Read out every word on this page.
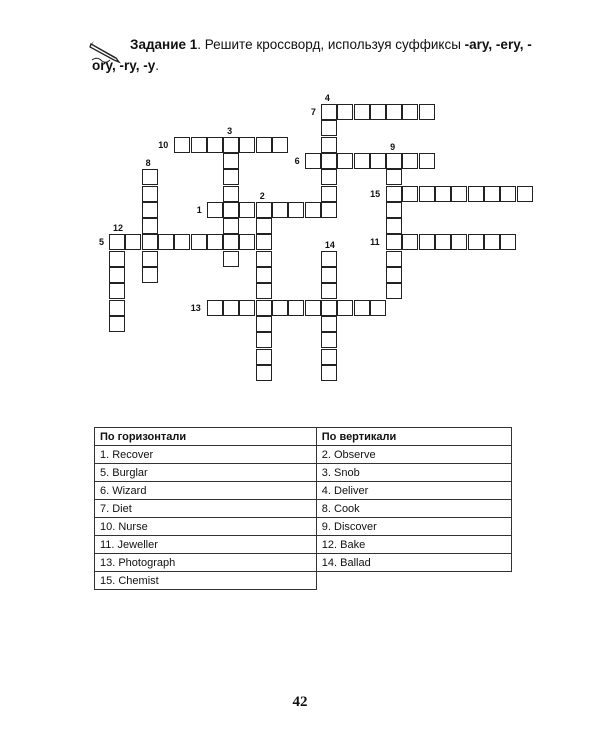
Задание 1. Решите кроссворд, используя суффиксы -ary, -ery, -ory, -ry, -y.
1
5
6
7
10
11
13
15
2
3
4
8
9
12
14
По горизонтали	По вертикали
1. Recover	2. Observe
5. Burglar	3. Snob
6. Wizard	4. Deliver
7. Diet	8. Cook
10. Nurse	9. Discover
11. Jeweller	12. Bake
13. Photograph	14. Ballad
15. Chemist	
42
